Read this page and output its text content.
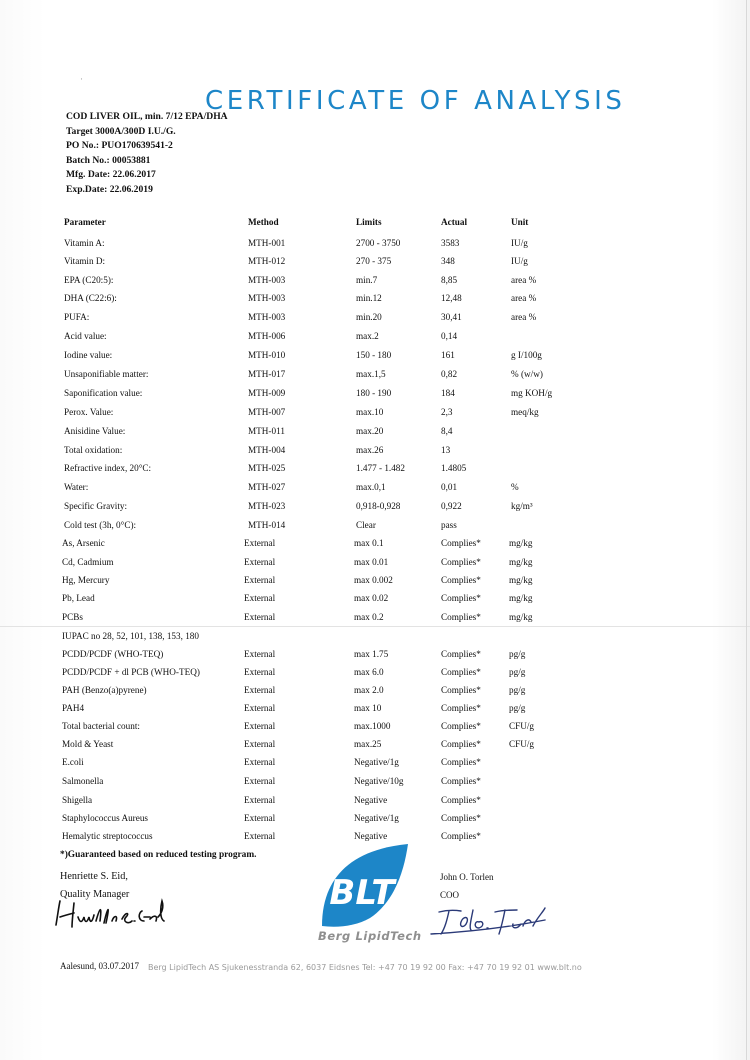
·
CERTIFICATE OF ANALYSIS
COD LIVER OIL, min. 7/12 EPA/DHA
Target 3000A/300D I.U./G.
PO No.: PUO170639541-2
Batch No.: 00053881
Mfg. Date: 22.06.2017
Exp.Date: 22.06.2019
Parameter	Method	Limits	Actual	Unit
Vitamin A:	MTH-001	2700 - 3750	3583	IU/g
Vitamin D:	MTH-012	270 - 375	348	IU/g
EPA (C20:5):	MTH-003	min.7	8,85	area %
DHA (C22:6):	MTH-003	min.12	12,48	area %
PUFA:	MTH-003	min.20	30,41	area %
Acid value:	MTH-006	max.2	0,14
Iodine value:	MTH-010	150 - 180	161	g I/100g
Unsaponifiable matter:	MTH-017	max.1,5	0,82	% (w/w)
Saponification value:	MTH-009	180 - 190	184	mg KOH/g
Perox. Value:	MTH-007	max.10	2,3	meq/kg
Anisidine Value:	MTH-011	max.20	8,4
Total oxidation:	MTH-004	max.26	13
Refractive index, 20°C:	MTH-025	1.477 - 1.482	1.4805
Water:	MTH-027	max.0,1	0,01	%
Specific Gravity:	MTH-023	0,918-0,928	0,922	kg/m³
Cold test (3h, 0°C):	MTH-014	Clear	pass
As, Arsenic	External	max 0.1	Complies*	mg/kg
Cd, Cadmium	External	max 0.01	Complies*	mg/kg
Hg, Mercury	External	max 0.002	Complies*	mg/kg
Pb, Lead	External	max 0.02	Complies*	mg/kg
PCBs	External	max 0.2	Complies*	mg/kg
IUPAC no 28, 52, 101, 138, 153, 180
PCDD/PCDF (WHO-TEQ)	External	max 1.75	Complies*	pg/g
PCDD/PCDF + dl PCB (WHO-TEQ)	External	max 6.0	Complies*	pg/g
PAH (Benzo(a)pyrene)	External	max 2.0	Complies*	pg/g
PAH4	External	max 10	Complies*	pg/g
Total bacterial count:	External	max.1000	Complies*	CFU/g
Mold & Yeast	External	max.25	Complies*	CFU/g
E.coli	External	Negative/1g	Complies*
Salmonella	External	Negative/10g	Complies*
Shigella	External	Negative	Complies*
Staphylococcus Aureus	External	Negative/1g	Complies*
Hemalytic streptococcus	External	Negative	Complies*
*)Guaranteed based on reduced testing program.
Henriette S. Eid,
Quality Manager
John O. Torlen
COO
BLT
Berg LipidTech
Aalesund, 03.07.2017 Berg LipidTech AS Sjukenesstranda 62, 6037 Eidsnes Tel: +47 70 19 92 00 Fax: +47 70 19 92 01 www.blt.no
